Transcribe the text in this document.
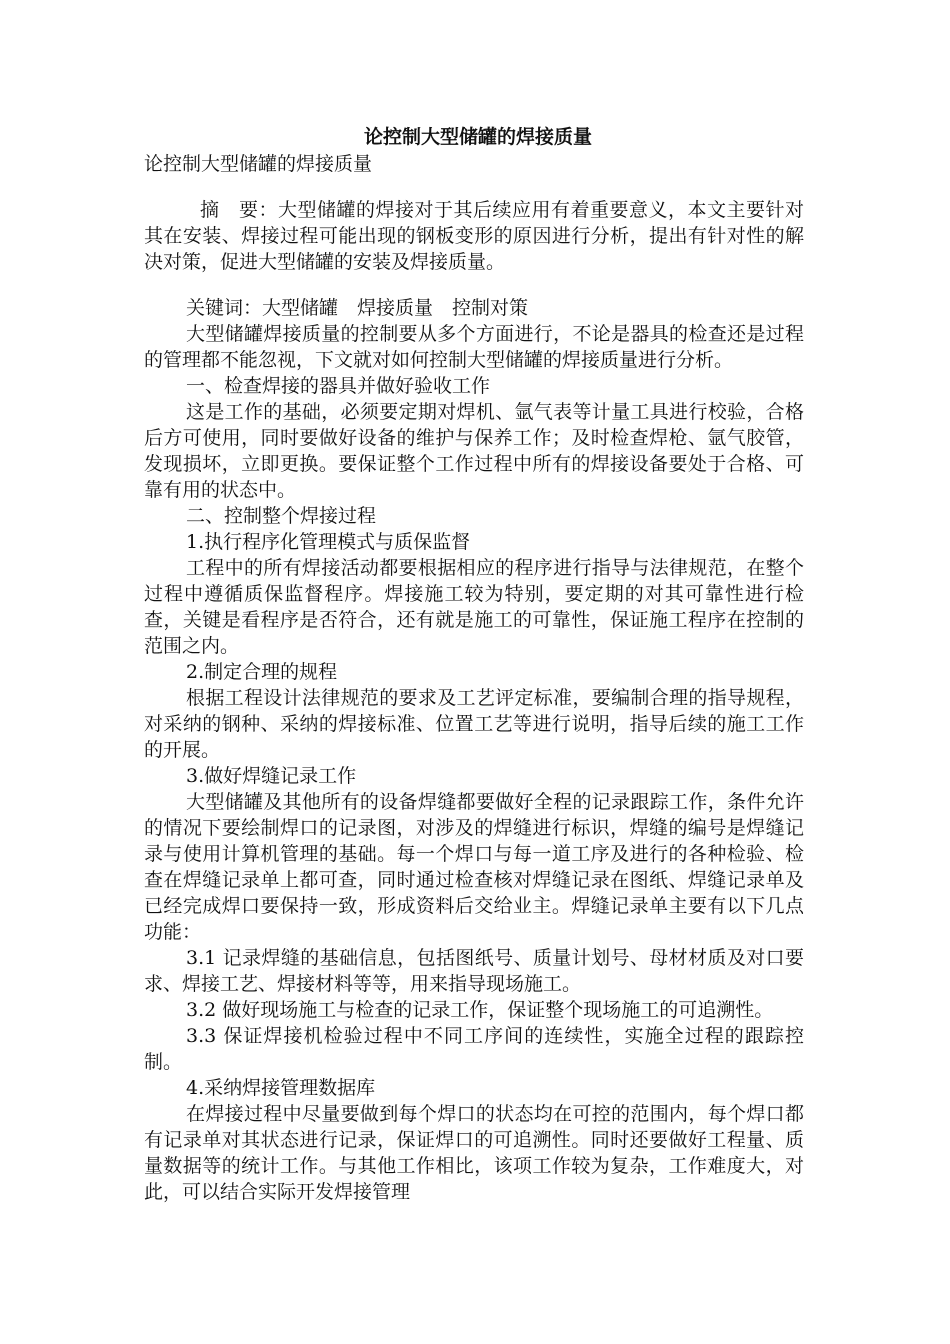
论控制大型储罐的焊接质量

论控制大型储罐的焊接质量

摘　要：大型储罐的焊接对于其后续应用有着重要意义，本文主要针对其在安装、焊接过程可能出现的钢板变形的原因进行分析，提出有针对性的解决对策，促进大型储罐的安装及焊接质量。

关键词：大型储罐　焊接质量　控制对策

大型储罐焊接质量的控制要从多个方面进行，不论是器具的检查还是过程的管理都不能忽视，下文就对如何控制大型储罐的焊接质量进行分析。

一、检查焊接的器具并做好验收工作

这是工作的基础，必须要定期对焊机、氩气表等计量工具进行校验，合格后方可使用，同时要做好设备的维护与保养工作；及时检查焊枪、氩气胶管，发现损坏，立即更换。要保证整个工作过程中所有的焊接设备要处于合格、可靠有用的状态中。

二、控制整个焊接过程

1.执行程序化管理模式与质保监督

工程中的所有焊接活动都要根据相应的程序进行指导与法律规范，在整个过程中遵循质保监督程序。焊接施工较为特别，要定期的对其可靠性进行检查，关键是看程序是否符合，还有就是施工的可靠性，保证施工程序在控制的范围之内。

2.制定合理的规程

根据工程设计法律规范的要求及工艺评定标准，要编制合理的指导规程，对采纳的钢种、采纳的焊接标准、位置工艺等进行说明，指导后续的施工工作的开展。

3.做好焊缝记录工作

大型储罐及其他所有的设备焊缝都要做好全程的记录跟踪工作，条件允许的情况下要绘制焊口的记录图，对涉及的焊缝进行标识，焊缝的编号是焊缝记录与使用计算机管理的基础。每一个焊口与每一道工序及进行的各种检验、检查在焊缝记录单上都可查，同时通过检查核对焊缝记录在图纸、焊缝记录单及已经完成焊口要保持一致，形成资料后交给业主。焊缝记录单主要有以下几点功能：

3.1 记录焊缝的基础信息，包括图纸号、质量计划号、母材材质及对口要求、焊接工艺、焊接材料等等，用来指导现场施工。

3.2 做好现场施工与检查的记录工作，保证整个现场施工的可追溯性。

3.3 保证焊接机检验过程中不同工序间的连续性，实施全过程的跟踪控制。

4.采纳焊接管理数据库

在焊接过程中尽量要做到每个焊口的状态均在可控的范围内，每个焊口都有记录单对其状态进行记录，保证焊口的可追溯性。同时还要做好工程量、质量数据等的统计工作。与其他工作相比，该项工作较为复杂，工作难度大，对此，可以结合实际开发焊接管理
